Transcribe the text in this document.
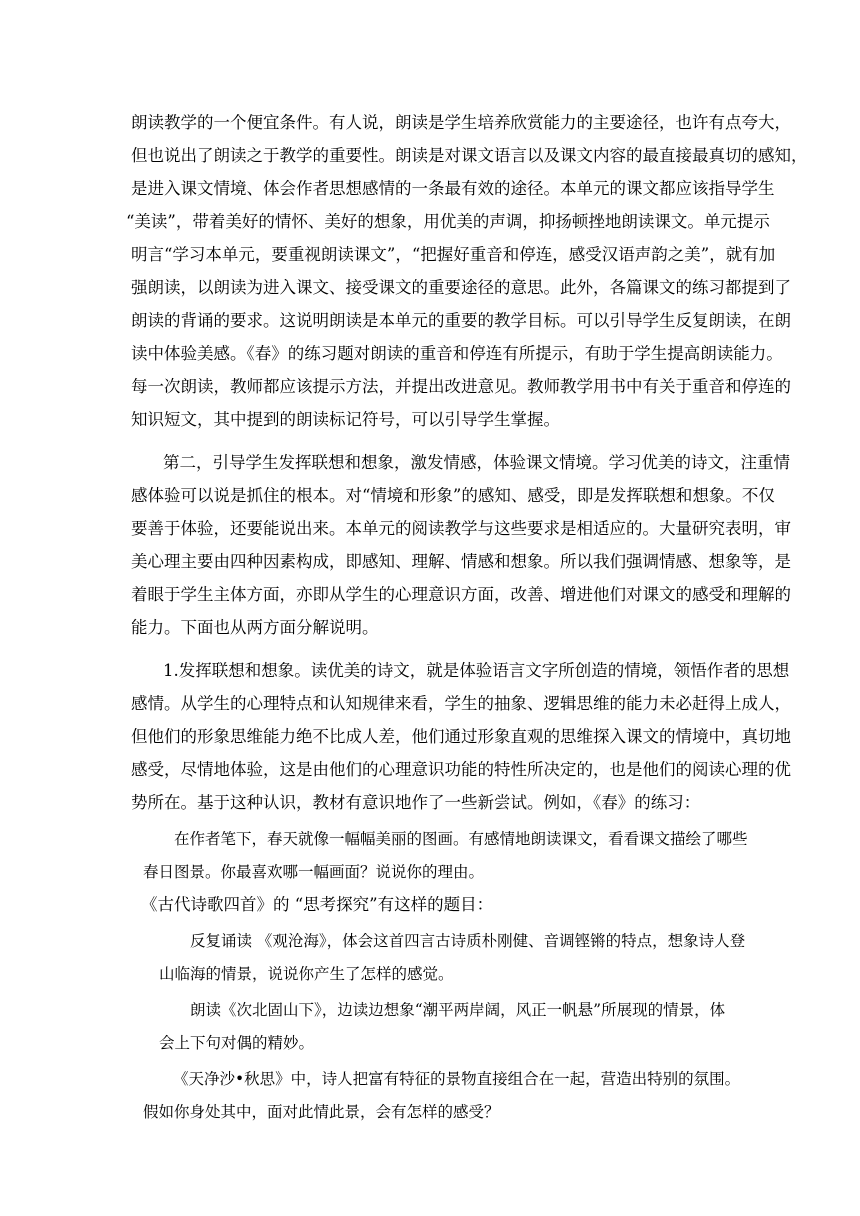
朗读教学的一个便宜条件。有人说，朗读是学生培养欣赏能力的主要途径，也许有点夸大，
但也说出了朗读之于教学的重要性。朗读是对课文语言以及课文内容的最直接最真切的感知，
是进入课文情境、体会作者思想感情的一条最有效的途径。本单元的课文都应该指导学生
“美读”，带着美好的情怀、美好的想象，用优美的声调，抑扬顿挫地朗读课文。单元提示
明言“学习本单元，要重视朗读课文”，“把握好重音和停连，感受汉语声韵之美”，就有加
强朗读，以朗读为进入课文、接受课文的重要途径的意思。此外，各篇课文的练习都提到了
朗读的背诵的要求。这说明朗读是本单元的重要的教学目标。可以引导学生反复朗读，在朗
读中体验美感。《春》的练习题对朗读的重音和停连有所提示，有助于学生提高朗读能力。
每一次朗读，教师都应该提示方法，并提出改进意见。教师教学用书中有关于重音和停连的
知识短文，其中提到的朗读标记符号，可以引导学生掌握。
第二，引导学生发挥联想和想象，激发情感，体验课文情境。学习优美的诗文，注重情
感体验可以说是抓住的根本。对“情境和形象”的感知、感受，即是发挥联想和想象。不仅
要善于体验，还要能说出来。本单元的阅读教学与这些要求是相适应的。大量研究表明，审
美心理主要由四种因素构成，即感知、理解、情感和想象。所以我们强调情感、想象等，是
着眼于学生主体方面，亦即从学生的心理意识方面，改善、增进他们对课文的感受和理解的
能力。下面也从两方面分解说明。
1.发挥联想和想象。读优美的诗文，就是体验语言文字所创造的情境，领悟作者的思想
感情。从学生的心理特点和认知规律来看，学生的抽象、逻辑思维的能力未必赶得上成人，
但他们的形象思维能力绝不比成人差，他们通过形象直观的思维探入课文的情境中，真切地
感受，尽情地体验，这是由他们的心理意识功能的特性所决定的，也是他们的阅读心理的优
势所在。基于这种认识，教材有意识地作了一些新尝试。例如，《春》的练习：
在作者笔下，春天就像一幅幅美丽的图画。有感情地朗读课文，看看课文描绘了哪些
春日图景。你最喜欢哪一幅画面？说说你的理由。
《古代诗歌四首》的 “思考探究”有这样的题目：
反复诵读 《观沧海》，体会这首四言古诗质朴刚健、音调铿锵的特点，想象诗人登
山临海的情景，说说你产生了怎样的感觉。
朗读《次北固山下》，边读边想象“潮平两岸阔，风正一帆悬”所展现的情景，体
会上下句对偶的精妙。
《天净沙•秋思》中，诗人把富有特征的景物直接组合在一起，营造出特别的氛围。
假如你身处其中，面对此情此景，会有怎样的感受？
